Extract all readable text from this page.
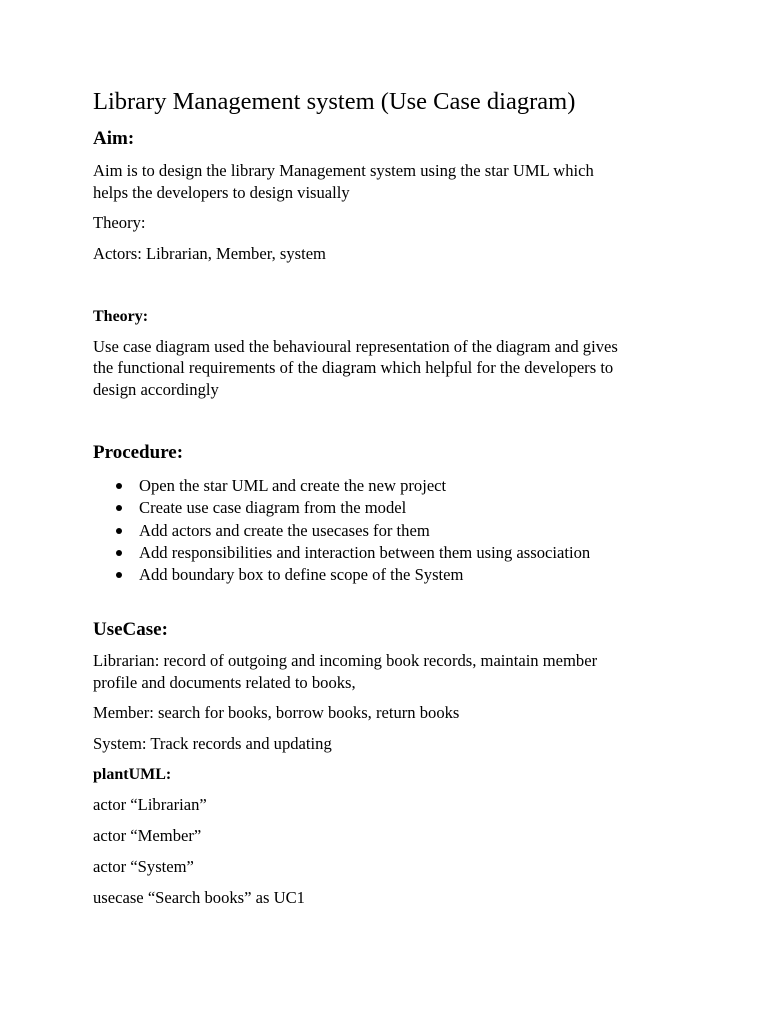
Library Management system (Use Case diagram)
Aim:
Aim is to design the library Management system using the star UML which
helps the developers to design visually
Theory:
Actors: Librarian, Member, system
Theory:
Use case diagram used the behavioural representation of the diagram and gives
the functional requirements of the diagram which helpful for the developers to
design accordingly
Procedure:
Open the star UML and create the new project
Create use case diagram from the model
Add actors and create the usecases for them
Add responsibilities and interaction between them using association
Add boundary box to define scope of the System
UseCase:
Librarian: record of outgoing and incoming book records, maintain member
profile and documents related to books,
Member: search for books, borrow books, return books
System: Track records and updating
plantUML:
actor “Librarian”
actor “Member”
actor “System”
usecase “Search books” as UC1
